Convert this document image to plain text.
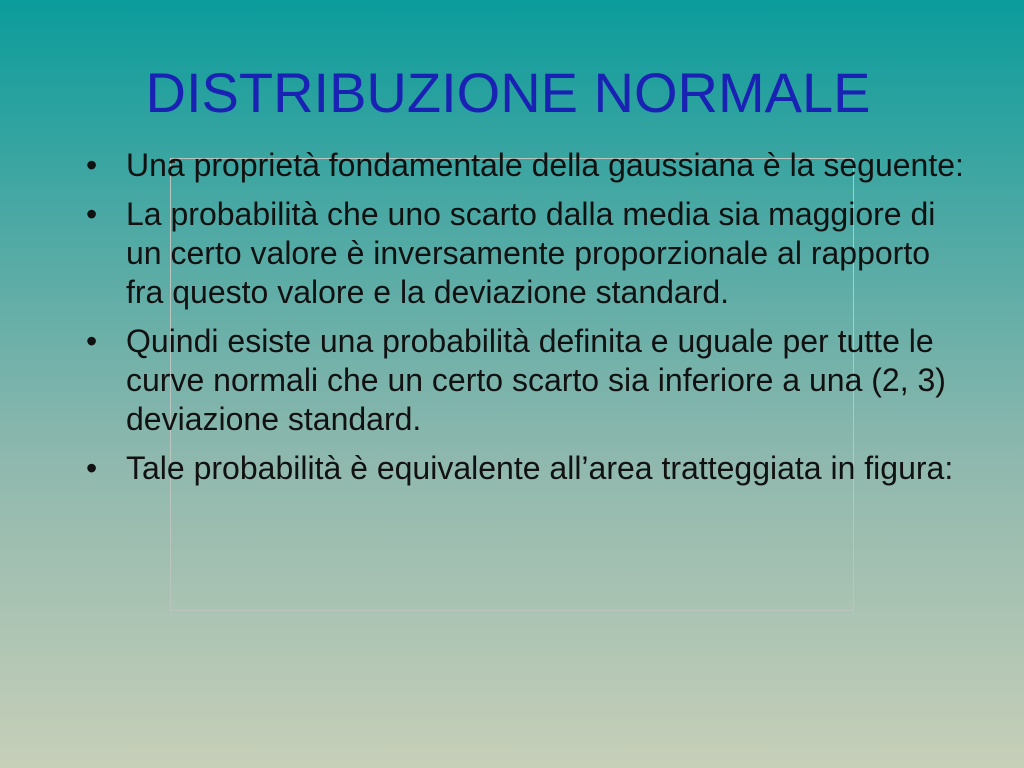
DISTRIBUZIONE NORMALE
• Una proprietà fondamentale della gaussiana è la seguente:
• La probabilità che uno scarto dalla media sia maggiore di un certo valore è inversamente proporzionale al rapporto fra questo valore e la deviazione standard.
• Quindi esiste una probabilità definita e uguale per tutte le curve normali che un certo scarto sia inferiore a una (2, 3) deviazione standard.
• Tale probabilità è equivalente all’area tratteggiata in figura:
